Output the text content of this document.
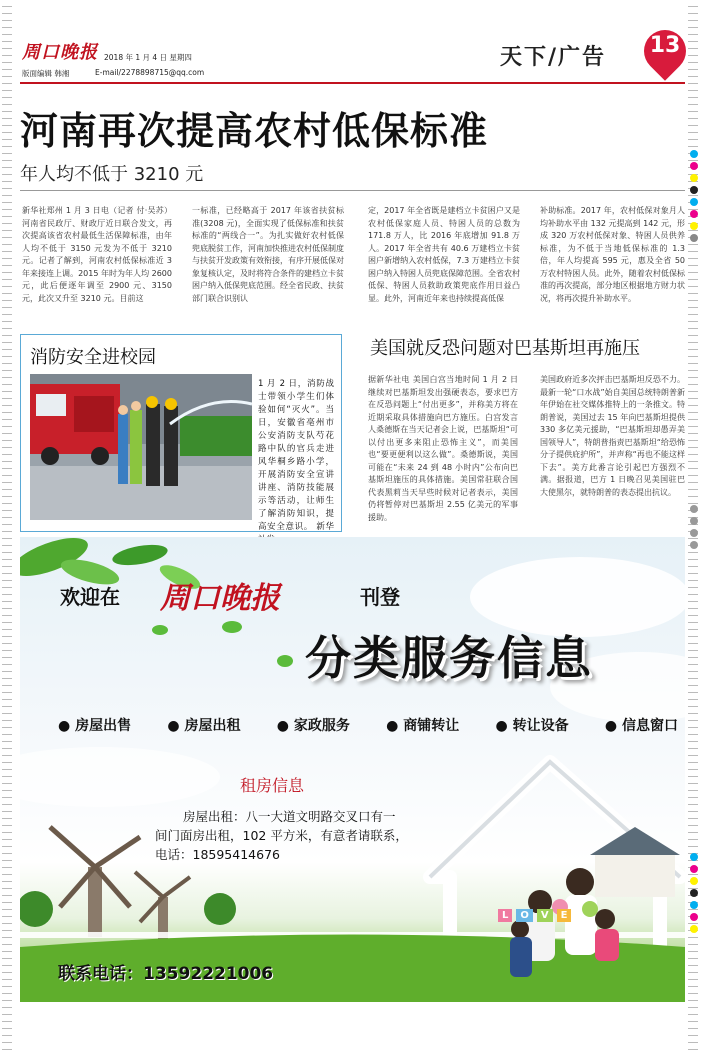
周口晚报 2018 年 1 月 4 日 星期四
版面编辑 韩湘	E-mail/2278898715@qq.com
天下/广告 13
河南再次提高农村低保标准
年人均不低于 3210 元
新华社郑州 1 月 3 日电（记者 付·吴苏）河南省民政厅、财政厅近日联合发文，再次提高该省农村最低生活保障标准，由年人均不低于 3150 元发为不低于 3210 元。记者了解到，河南农村低保标准近 3 年来接连上调。2015 年时为年人均 2600 元，此后便逐年调至 2900 元、3150 元，此次又升至 3210 元。目前这
一标准，已经略高于 2017 年该省扶贫标准(3208 元)，全面实现了低保标准和扶贫标准的“两线合一”。为扎实做好农村低保兜底脱贫工作，河南加快推进农村低保制度与扶贫开发政策有效衔接，有序开展低保对象复核认定，及时将符合条件的建档立卡贫困户纳入低保兜底范围。经全省民政、扶贫部门联合识别认
定，2017 年全省既是建档立卡贫困户又是农村低保家庭人员、特困人员的总数为 171.8 万人，比 2016 年底增加 91.8 万人。2017 年全省共有 40.6 万建档立卡贫困户新增纳入农村低保，7.3 万建档立卡贫困户纳入特困人员兜底保障范围。全省农村低保、特困人员救助政策兜底作用日益凸显。此外，河南近年来也持续提高低保
补助标准。2017 年，农村低保对象月人均补助水平由 132 元提高到 142 元，形成 320 万农村低保对象、特困人员供养标准，为不低于当地低保标准的 1.3 倍，年人均提高 595 元，惠及全省 50 万农村特困人员。此外，随着农村低保标准的再次提高，部分地区根据地方财力状况，将再次提升补助水平。
消防安全进校园
1 月 2 日，消防战士带领小学生们体验如何“灭火”。当日，安徽省亳州市公安消防支队芍花路中队的官兵走进风华桐乡路小学，开展消防安全宣讲讲座、消防技能展示等活动，让师生了解消防知识，提高安全意识。 新华
美国就反恐问题对巴基斯坦再施压
据新华社电 美国白宫当地时间 1 月 2 日继续对巴基斯坦发出强硬表态，要求巴方在反恐问题上“付出更多”，并称美方将在近期采取具体措施向巴方施压。白宫发言人桑德斯在当天记者会上说，巴基斯坦“可以付出更多来阻止恐怖主义”，而美国也“要更便利以这么做”。桑德斯说，美国可能在“未来 24 到 48 小时内”公布向巴基斯坦施压的具体措施。美国常驻联合国代表黑莉当天早些时候对记者表示，美国仍将暂停对巴基斯坦 2.55 亿美元的军事援助。
美国政府近多次抨击巴基斯坦反恐不力。最新一轮“口水战”始自美国总统特朗普新年伊始在社交媒体推特上的一条推文。特朗普说，美国过去 15 年向巴基斯坦提供 330 多亿美元援助，“巴基斯坦却愚弄美国领导人”，特朗普指责巴基斯坦“给恐怖分子提供庇护所”，并声称“再也不能这样下去”。美方此番言论引起巴方强烈不满。据报道，巴方 1 日晚召见美国驻巴大使黑尔，就特朗普的表态提出抗议。
欢迎在 周口晚报	刊登
分类服务信息
● 房屋出售	● 房屋出租	● 家政服务	● 商铺转让	● 转让设备	● 信息窗口
租房信息
房屋出租：八一大道文明路交叉口有一
间门面房出租，102 平方米，有意者请联系，
电话：18595414676
L	O	V	E
联系电话：13592221006
